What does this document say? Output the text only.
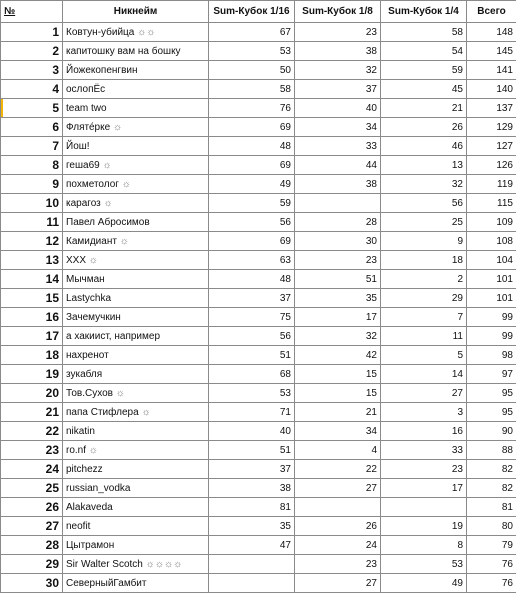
№	Никнейм	Sum-Кубок 1/16	Sum-Кубок 1/8	Sum-Кубок 1/4	Всего
1	Ковтун-убийца ☼☼	67	23	58	148
2	капитошку вам на бошку	53	38	54	145
3	Йожекопенгвин	50	32	59	141
4	ослопЁс	58	37	45	140
5	team two	76	40	21	137
6	Фляте́рке ☼	69	34	26	129
7	Йош!	48	33	46	127
8	геша69 ☼	69	44	13	126
9	похметолог ☼	49	38	32	119
10	карагоз ☼	59		56	115
11	Павел Абросимов	56	28	25	109
12	Камидиант ☼	69	30	9	108
13	XXX ☼	63	23	18	104
14	Мычман	48	51	2	101
15	Lastychka	37	35	29	101
16	Зачемучкин	75	17	7	99
17	а хакиист, например	56	32	11	99
18	нахренот	51	42	5	98
19	зукабля	68	15	14	97
20	Тов.Сухов ☼	53	15	27	95
21	папа Стифлера ☼	71	21	3	95
22	nikatin	40	34	16	90
23	ro.nf ☼	51	4	33	88
24	pitchezz	37	22	23	82
25	russian_vodka	38	27	17	82
26	Alakaveda	81			81
27	neofit	35	26	19	80
28	Цытрамон	47	24	8	79
29	Sir Walter Scotch ☼☼☼☼		23	53	76
30	СеверныйГамбит		27	49	76
